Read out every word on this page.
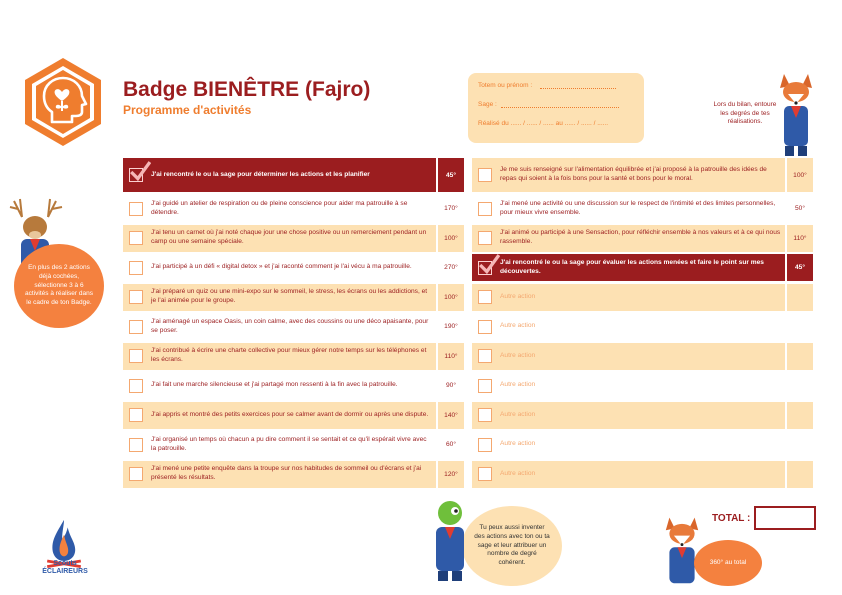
Badge BIENÊTRE (Fajro)
Programme d'activités
Totem ou prénom :
Sage :
Réalisé du ...... / ...... / ...... au ...... / ...... / ......
Lors du bilan, entoure les degrés de tes réalisations.
En plus des 2 actions déjà cochées, sélectionne 3 à 6 activités à réaliser dans le cadre de ton Badge.
J'ai rencontré le ou la sage pour déterminer les actions et les planifier	45°
J'ai guidé un atelier de respiration ou de pleine conscience pour aider ma patrouille à se détendre.	170°
J'ai tenu un carnet où j'ai noté chaque jour une chose positive ou un remerciement pendant un camp ou une semaine spéciale.	100°
J'ai participé à un défi « digital detox » et j'ai raconté comment je l'ai vécu à ma patrouille.	270°
J'ai préparé un quiz ou une mini-expo sur le sommeil, le stress, les écrans ou les addictions, et je l'ai animée pour le groupe.	100°
J'ai aménagé un espace Oasis, un coin calme, avec des coussins ou une déco apaisante, pour se poser.	190°
J'ai contribué à écrire une charte collective pour mieux gérer notre temps sur les téléphones et les écrans.	110°
J'ai fait une marche silencieuse et j'ai partagé mon ressenti à la fin avec la patrouille.	90°
J'ai appris et montré des petits exercices pour se calmer avant de dormir ou après une dispute.	140°
J'ai organisé un temps où chacun a pu dire comment il se sentait et ce qu'il espérait vivre avec la patrouille.	60°
J'ai mené une petite enquête dans la troupe sur nos habitudes de sommeil ou d'écrans et j'ai présenté les résultats.	120°
Je me suis renseigné sur l'alimentation équilibrée et j'ai proposé à la patrouille des idées de repas qui soient à la fois bons pour la santé et bons pour le moral.	100°
J'ai mené une activité ou une discussion sur le respect de l'intimité et des limites personnelles, pour mieux vivre ensemble.	50°
J'ai animé ou participé à une Sensaction, pour réfléchir ensemble à nos valeurs et à ce qui nous rassemble.	110°
J'ai rencontré le ou la sage pour évaluer les actions menées et faire le point sur mes découvertes.	45°
Autre action
Autre action
Autre action
Autre action
Autre action
Autre action
Autre action
Scouts ÉCLAIREURS
Tu peux aussi inventer des actions avec ton ou ta sage et leur attribuer un nombre de degré cohérent.	360° au total
TOTAL :
